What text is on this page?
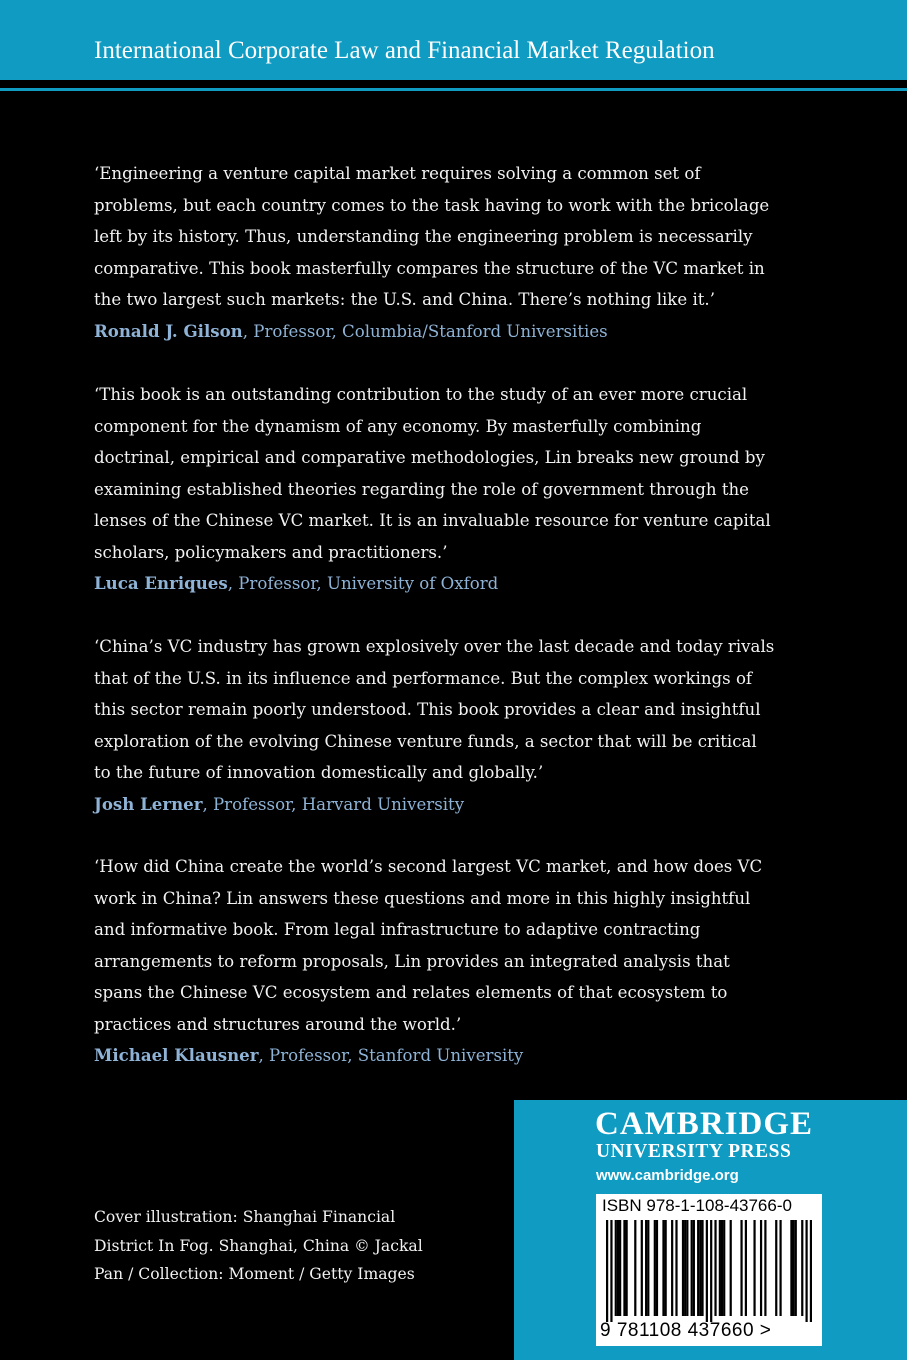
International Corporate Law and Financial Market Regulation

‘Engineering a venture capital market requires solving a common set of

problems, but each country comes to the task having to work with the bricolage

left by its history. Thus, understanding the engineering problem is necessarily

comparative. This book masterfully compares the structure of the VC market in

the two largest such markets: the U.S. and China. There’s nothing like it.’

Ronald J. Gilson, Professor, Columbia/Stanford Universities

‘This book is an outstanding contribution to the study of an ever more crucial

component for the dynamism of any economy. By masterfully combining

doctrinal, empirical and comparative methodologies, Lin breaks new ground by

examining established theories regarding the role of government through the

lenses of the Chinese VC market. It is an invaluable resource for venture capital

scholars, policymakers and practitioners.’

Luca Enriques, Professor, University of Oxford

‘China’s VC industry has grown explosively over the last decade and today rivals

that of the U.S. in its influence and performance. But the complex workings of

this sector remain poorly understood. This book provides a clear and insightful

exploration of the evolving Chinese venture funds, a sector that will be critical

to the future of innovation domestically and globally.’

Josh Lerner, Professor, Harvard University

‘How did China create the world’s second largest VC market, and how does VC

work in China? Lin answers these questions and more in this highly insightful

and informative book. From legal infrastructure to adaptive contracting

arrangements to reform proposals, Lin provides an integrated analysis that

spans the Chinese VC ecosystem and relates elements of that ecosystem to

practices and structures around the world.’

Michael Klausner, Professor, Stanford University
Cover illustration: Shanghai Financial
District In Fog. Shanghai, China © Jackal
Pan / Collection: Moment / Getty Images
CAMBRIDGE
UNIVERSITY PRESS
www.cambridge.org
ISBN 978-1-108-43766-0
9 781108 437660 >
